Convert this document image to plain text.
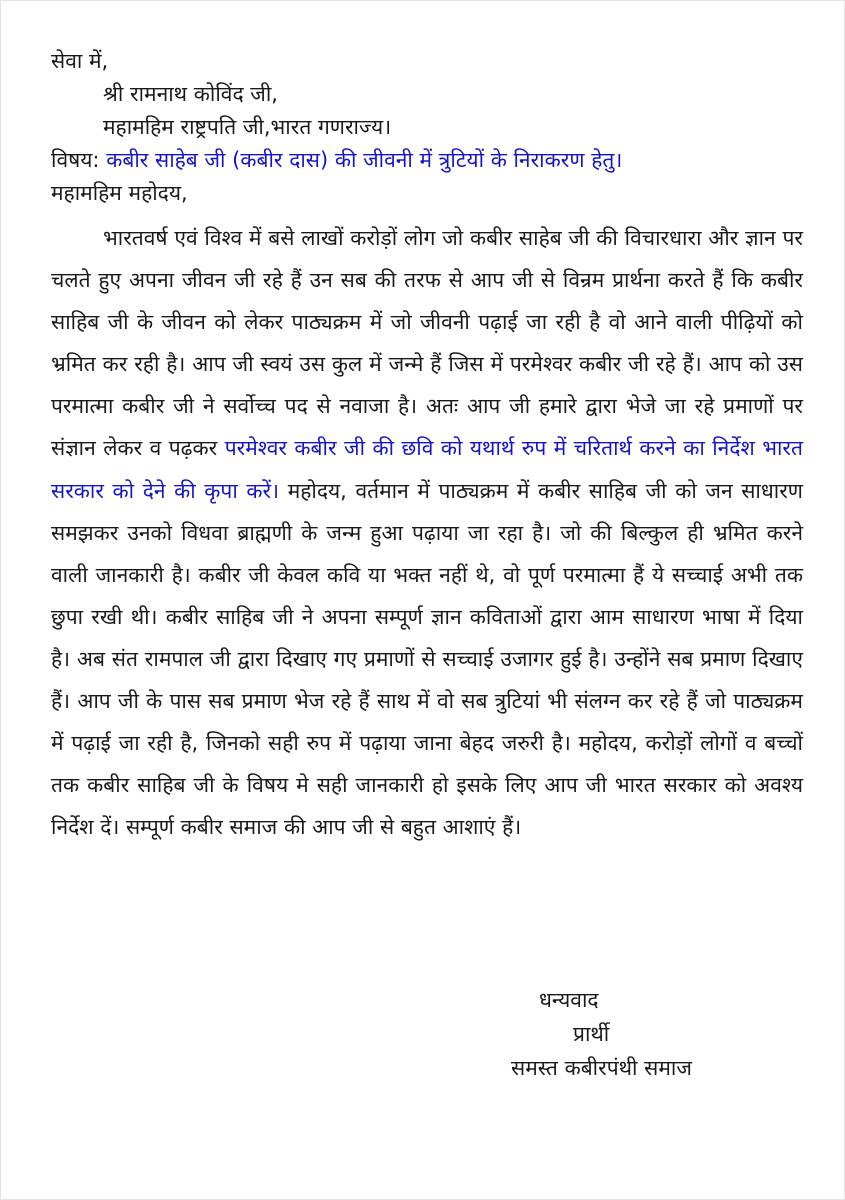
सेवा में,

श्री रामनाथ कोविंद जी,

महामहिम राष्ट्रपति जी,भारत गणराज्य।

विषय: कबीर साहेब जी (कबीर दास) की जीवनी में त्रुटियों के निराकरण हेतु।

महामहिम महोदय,

भारतवर्ष एवं विश्व में बसे लाखों करोड़ों लोग जो कबीर साहेब जी की विचारधारा और ज्ञान पर चलते हुए अपना जीवन जी रहे हैं उन सब की तरफ से आप जी से विन्रम प्रार्थना करते हैं कि कबीर साहिब जी के जीवन को लेकर पाठ्यक्रम में जो जीवनी पढ़ाई जा रही है वो आने वाली पीढ़ियों को भ्रमित कर रही है। आप जी स्वयं उस कुल में जन्मे हैं जिस में परमेश्वर कबीर जी रहे हैं। आप को उस परमात्मा कबीर जी ने सर्वोच्च पद से नवाजा है। अतः आप जी हमारे द्वारा भेजे जा रहे प्रमाणों पर संज्ञान लेकर व पढ़कर परमेश्वर कबीर जी की छवि को यथार्थ रुप में चरितार्थ करने का निर्देश भारत सरकार को देने की कृपा करें। महोदय, वर्तमान में पाठ्यक्रम में कबीर साहिब जी को जन साधारण समझकर उनको विधवा ब्राह्मणी के जन्म हुआ पढ़ाया जा रहा है। जो की बिल्कुल ही भ्रमित करने वाली जानकारी है। कबीर जी केवल कवि या भक्त नहीं थे, वो पूर्ण परमात्मा हैं ये सच्चाई अभी तक छुपा रखी थी। कबीर साहिब जी ने अपना सम्पूर्ण ज्ञान कविताओं द्वारा आम साधारण भाषा में दिया है। अब संत रामपाल जी द्वारा दिखाए गए प्रमाणों से सच्चाई उजागर हुई है। उन्होंने सब प्रमाण दिखाए हैं। आप जी के पास सब प्रमाण भेज रहे हैं साथ में वो सब त्रुटियां भी संलग्न कर रहे हैं जो पाठ्यक्रम में पढ़ाई जा रही है, जिनको सही रुप में पढ़ाया जाना बेहद जरुरी है। महोदय, करोड़ों लोगों व बच्चों तक कबीर साहिब जी के विषय मे सही जानकारी हो इसके लिए आप जी भारत सरकार को अवश्य निर्देश दें। सम्पूर्ण कबीर समाज की आप जी से बहुत आशाएं हैं।

धन्यवाद
प्रार्थी
समस्त कबीरपंथी समाज
